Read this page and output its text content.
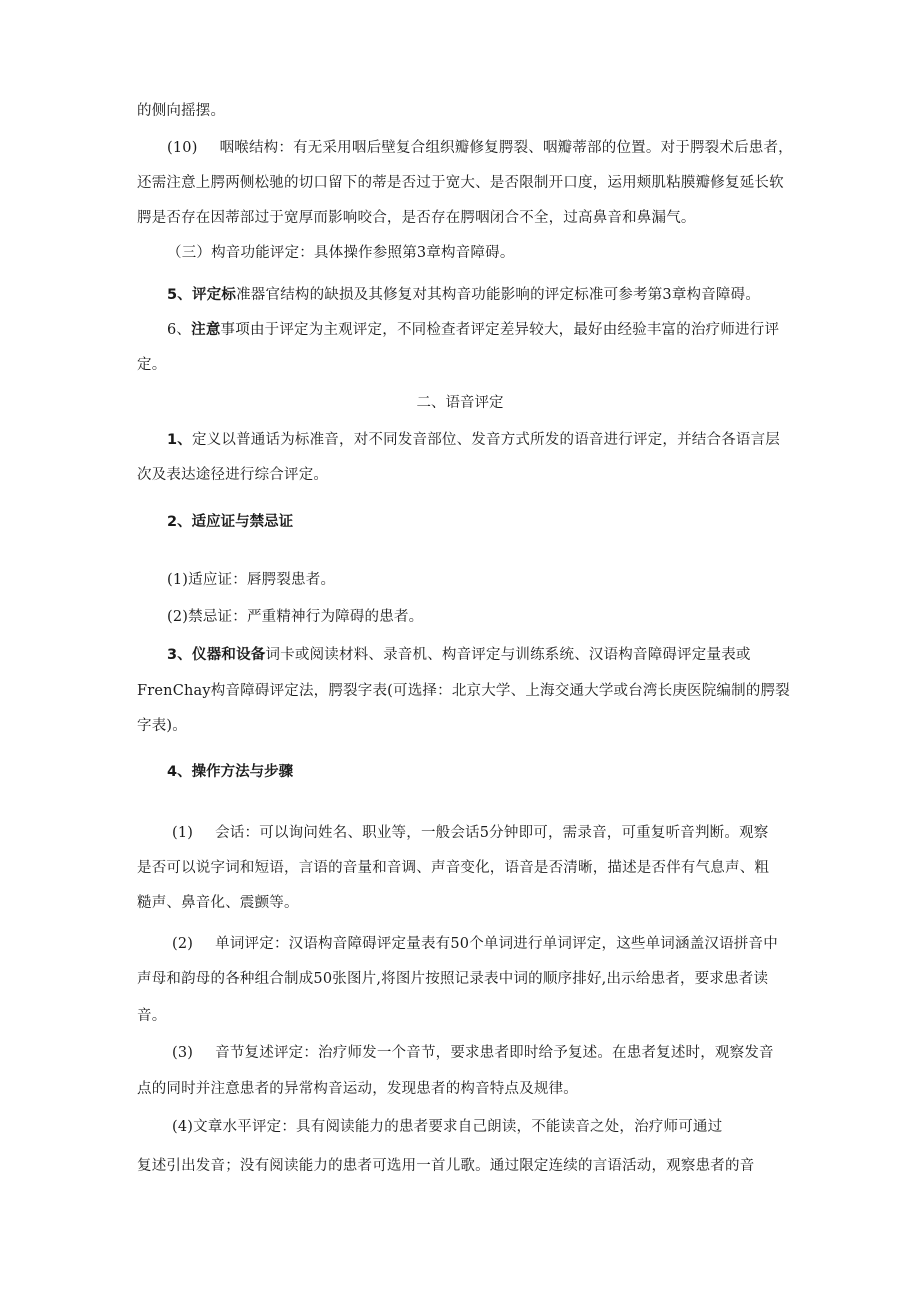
的侧向摇摆。
(10) 咽喉结构：有无采用咽后壁复合组织瓣修复腭裂、咽瓣蒂部的位置。对于腭裂术后患者，
还需注意上腭两侧松驰的切口留下的蒂是否过于宽大、是否限制开口度，运用颊肌粘膜瓣修复延长软
腭是否存在因蒂部过于宽厚而影响咬合，是否存在腭咽闭合不全，过高鼻音和鼻漏气。
（三）构音功能评定：具体操作参照第3章构音障碍。
5、评定标准器官结构的缺损及其修复对其构音功能影响的评定标准可参考第3章构音障碍。
6、注意事项由于评定为主观评定，不同检查者评定差异较大，最好由经验丰富的治疗师进行评
定。
二、语音评定
1、定义以普通话为标准音，对不同发音部位、发音方式所发的语音进行评定，并结合各语言层
次及表达途径进行综合评定。
2、适应证与禁忌证
(1)适应证：唇腭裂患者。
(2)禁忌证：严重精神行为障碍的患者。
3、仪器和设备词卡或阅读材料、录音机、构音评定与训练系统、汉语构音障碍评定量表或
FrenChay构音障碍评定法，腭裂字表(可选择：北京大学、上海交通大学或台湾长庚医院编制的腭裂
字表)。
4、操作方法与步骤
(1) 会话：可以询问姓名、职业等，一般会话5分钟即可，需录音，可重复听音判断。观察
是否可以说字词和短语，言语的音量和音调、声音变化，语音是否清晰，描述是否伴有气息声、粗
糙声、鼻音化、震颤等。
(2) 单词评定：汉语构音障碍评定量表有50个单词进行单词评定，这些单词涵盖汉语拼音中
声母和韵母的各种组合制成50张图片,将图片按照记录表中词的顺序排好,出示给患者，要求患者读
音。
(3) 音节复述评定：治疗师发一个音节，要求患者即时给予复述。在患者复述时，观察发音
点的同时并注意患者的异常构音运动，发现患者的构音特点及规律。
(4)文章水平评定：具有阅读能力的患者要求自己朗读，不能读音之处，治疗师可通过
复述引出发音；没有阅读能力的患者可选用一首儿歌。通过限定连续的言语活动，观察患者的音
